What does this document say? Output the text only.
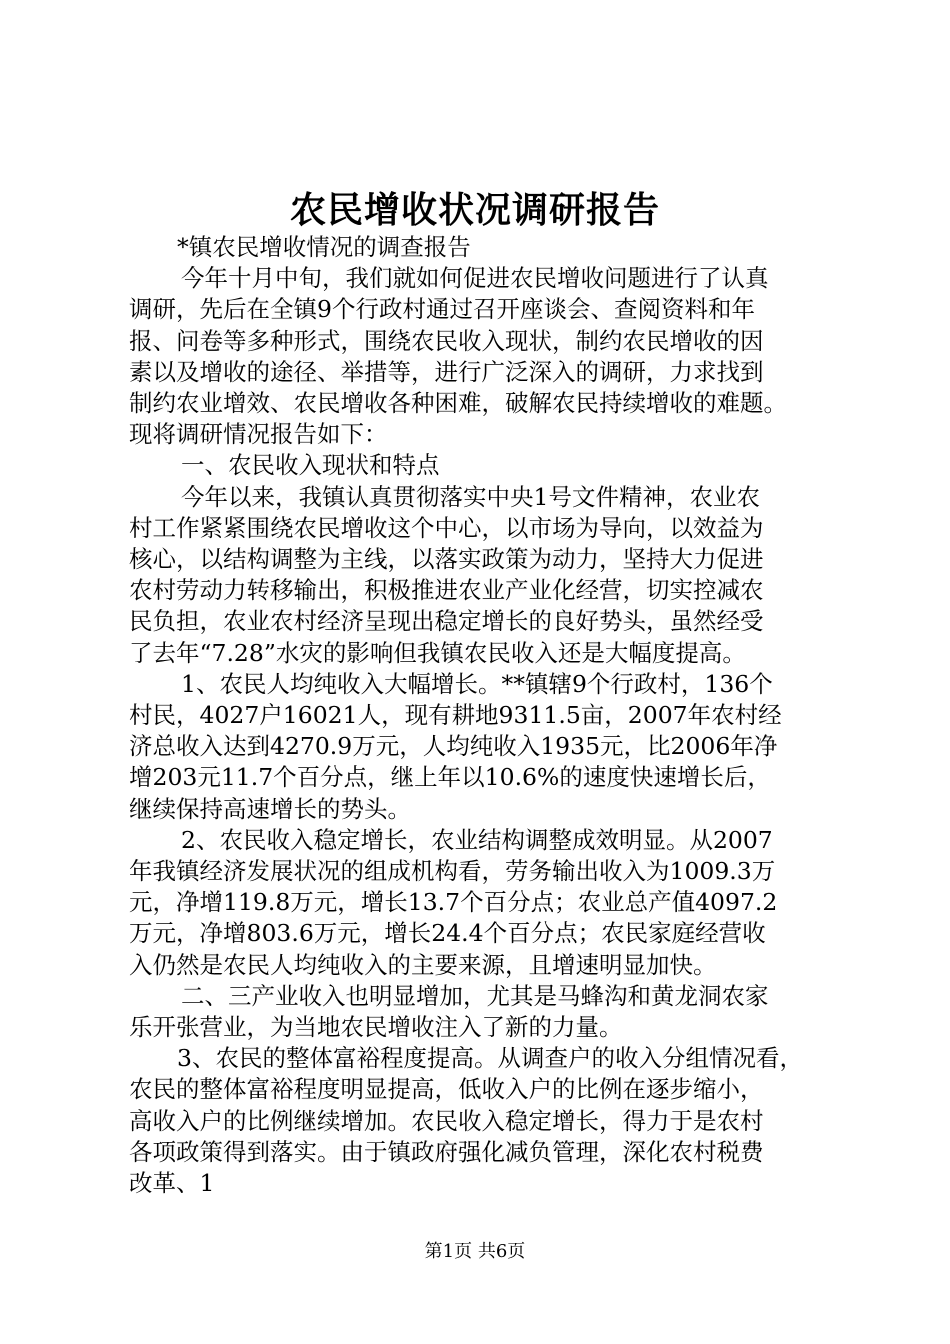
农民增收状况调研报告

*镇农民增收情况的调查报告

今年十月中旬，我们就如何促进农民增收问题进行了认真

调研，先后在全镇9个行政村通过召开座谈会、查阅资料和年

报、问卷等多种形式，围绕农民收入现状，制约农民增收的因

素以及增收的途径、举措等，进行广泛深入的调研，力求找到

制约农业增效、农民增收各种困难，破解农民持续增收的难题。

现将调研情况报告如下：

一、农民收入现状和特点

今年以来，我镇认真贯彻落实中央1号文件精神，农业农

村工作紧紧围绕农民增收这个中心，以市场为导向，以效益为

核心，以结构调整为主线，以落实政策为动力，坚持大力促进

农村劳动力转移输出，积极推进农业产业化经营，切实控减农

民负担，农业农村经济呈现出稳定增长的良好势头，虽然经受

了去年“7.28”水灾的影响但我镇农民收入还是大幅度提高。

1、农民人均纯收入大幅增长。**镇辖9个行政村，136个

村民，4027户16021人，现有耕地9311.5亩，2007年农村经

济总收入达到4270.9万元，人均纯收入1935元，比2006年净

增203元11.7个百分点，继上年以10.6%的速度快速增长后，

继续保持高速增长的势头。

2、农民收入稳定增长，农业结构调整成效明显。从2007

年我镇经济发展状况的组成机构看，劳务输出收入为1009.3万

元，净增119.8万元，增长13.7个百分点；农业总产值4097.2

万元，净增803.6万元，增长24.4个百分点；农民家庭经营收

入仍然是农民人均纯收入的主要来源，且增速明显加快。

二、三产业收入也明显增加，尤其是马蜂沟和黄龙洞农家

乐开张营业，为当地农民增收注入了新的力量。

3、农民的整体富裕程度提高。从调查户的收入分组情况看，

农民的整体富裕程度明显提高，低收入户的比例在逐步缩小，

高收入户的比例继续增加。农民收入稳定增长，得力于是农村

各项政策得到落实。由于镇政府强化减负管理，深化农村税费

改革、1

第1页 共6页
